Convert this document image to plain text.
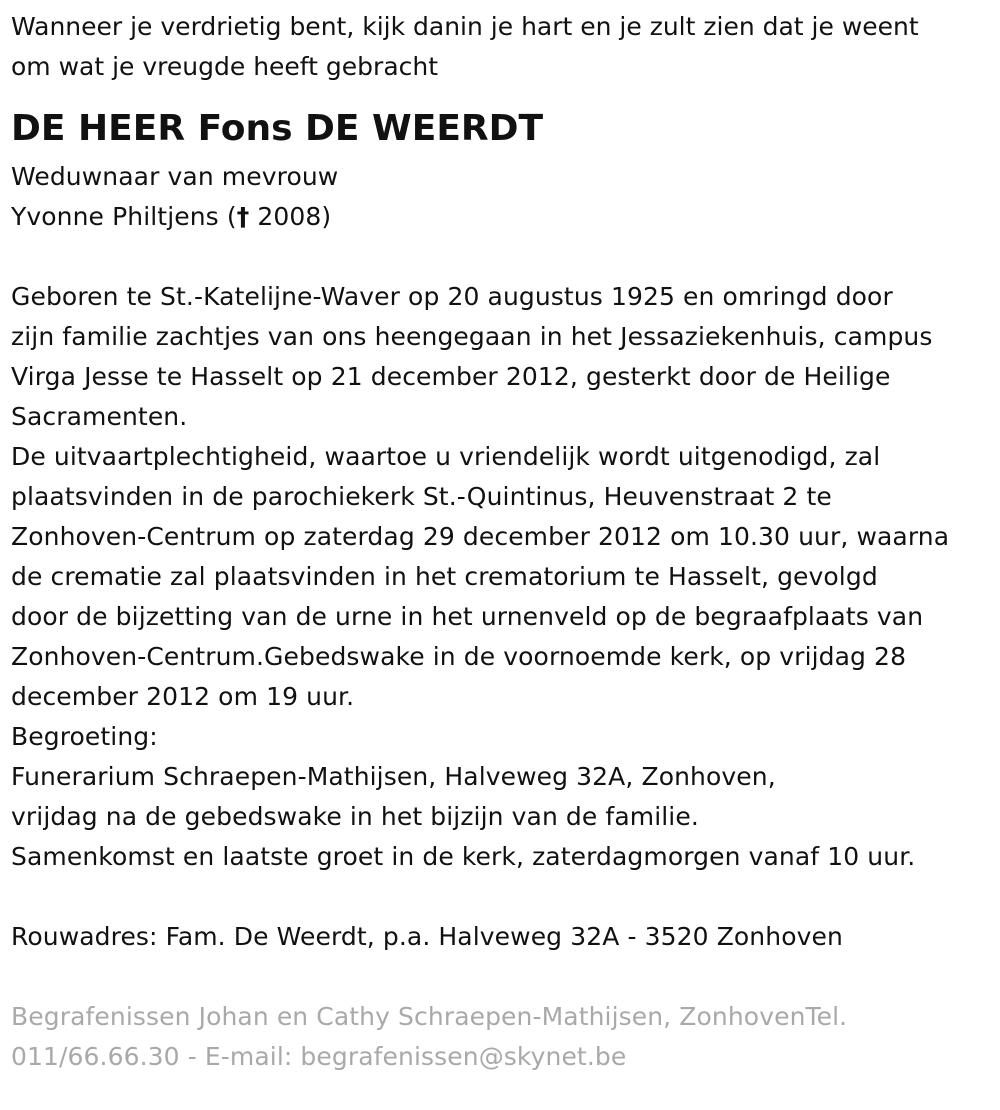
Wanneer je verdrietig bent, kijk danin je hart en je zult zien dat je weent
om wat je vreugde heeft gebracht
DE HEER Fons DE WEERDT
Weduwnaar van mevrouw
Yvonne Philtjens († 2008)
Geboren te St.-Katelijne-Waver op 20 augustus 1925 en omringd door
zijn familie zachtjes van ons heengegaan in het Jessaziekenhuis, campus
Virga Jesse te Hasselt op 21 december 2012, gesterkt door de Heilige
Sacramenten.
De uitvaartplechtigheid, waartoe u vriendelijk wordt uitgenodigd, zal
plaatsvinden in de parochiekerk St.-Quintinus, Heuvenstraat 2 te
Zonhoven-Centrum op zaterdag 29 december 2012 om 10.30 uur, waarna
de crematie zal plaatsvinden in het crematorium te Hasselt, gevolgd
door de bijzetting van de urne in het urnenveld op de begraafplaats van
Zonhoven-Centrum.Gebedswake in de voornoemde kerk, op vrijdag 28
december 2012 om 19 uur.
Begroeting:
Funerarium Schraepen-Mathijsen, Halveweg 32A, Zonhoven,
vrijdag na de gebedswake in het bijzijn van de familie.
Samenkomst en laatste groet in de kerk, zaterdagmorgen vanaf 10 uur.
Rouwadres: Fam. De Weerdt, p.a. Halveweg 32A - 3520 Zonhoven
Begrafenissen Johan en Cathy Schraepen-Mathijsen, ZonhovenTel.
011/66.66.30 - E-mail: begrafenissen@skynet.be
